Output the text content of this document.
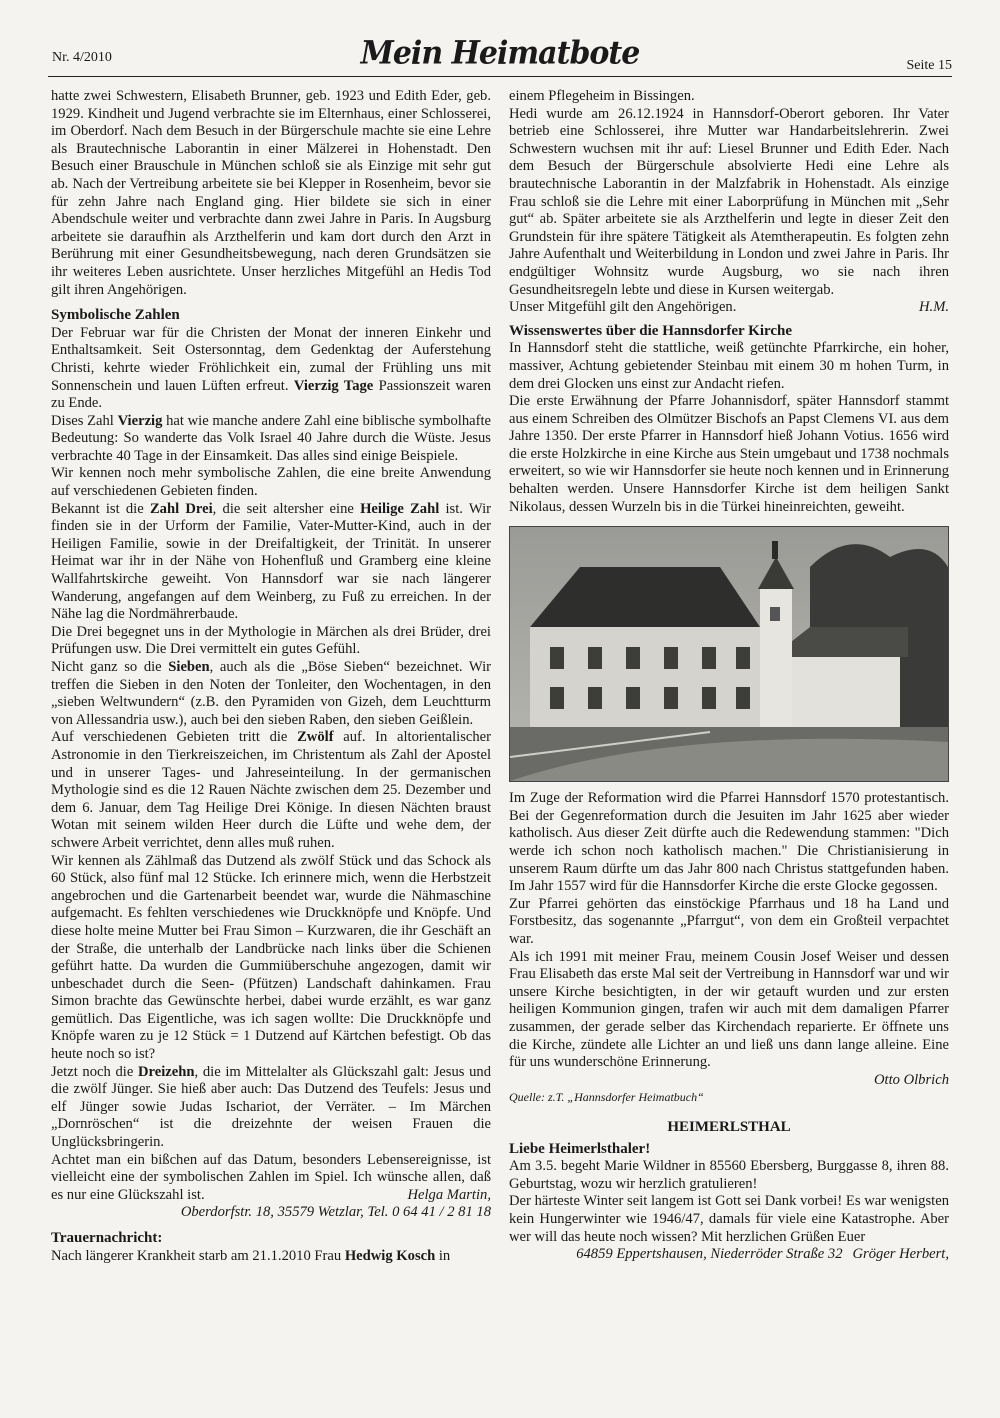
Nr. 4/2010	Mein Heimatbote	Seite 15

hatte zwei Schwestern, Elisabeth Brunner, geb. 1923 und Edith Eder, geb. 1929. Kindheit und Jugend verbrachte sie im Elternhaus, einer Schlosserei, im Oberdorf. Nach dem Besuch in der Bürgerschule machte sie eine Lehre als Brautechnische Laborantin in einer Mälzerei in Hohenstadt. Den Besuch einer Brauschule in München schloß sie als Einzige mit sehr gut ab. Nach der Vertreibung arbeitete sie bei Klepper in Rosenheim, bevor sie für zehn Jahre nach England ging. Hier bildete sie sich in einer Abendschule weiter und verbrachte dann zwei Jahre in Paris. In Augsburg arbeitete sie daraufhin als Arzthelferin und kam dort durch den Arzt in Berührung mit einer Gesundheitsbewegung, nach deren Grundsätzen sie ihr weiteres Leben ausrichtete. Unser herzliches Mitgefühl an Hedis Tod gilt ihren Angehörigen.

Symbolische Zahlen

Der Februar war für die Christen der Monat der inneren Einkehr und Enthaltsamkeit. Seit Ostersonntag, dem Gedenktag der Auferstehung Christi, kehrte wieder Fröhlichkeit ein, zumal der Frühling uns mit Sonnenschein und lauen Lüften erfreut. Vierzig Tage Passionszeit waren zu Ende.

Dises Zahl Vierzig hat wie manche andere Zahl eine biblische symbolhafte Bedeutung: So wanderte das Volk Israel 40 Jahre durch die Wüste. Jesus verbrachte 40 Tage in der Einsamkeit. Das alles sind einige Beispiele.

Wir kennen noch mehr symbolische Zahlen, die eine breite Anwendung auf verschiedenen Gebieten finden.

Bekannt ist die Zahl Drei, die seit altersher eine Heilige Zahl ist. Wir finden sie in der Urform der Familie, Vater-Mutter-Kind, auch in der Heiligen Familie, sowie in der Dreifaltigkeit, der Trinität. In unserer Heimat war ihr in der Nähe von Hohenfluß und Gramberg eine kleine Wallfahrtskirche geweiht. Von Hannsdorf war sie nach längerer Wanderung, angefangen auf dem Weinberg, zu Fuß zu erreichen. In der Nähe lag die Nordmährerbaude.

Die Drei begegnet uns in der Mythologie in Märchen als drei Brüder, drei Prüfungen usw. Die Drei vermittelt ein gutes Gefühl.

Nicht ganz so die Sieben, auch als die „Böse Sieben“ bezeichnet. Wir treffen die Sieben in den Noten der Tonleiter, den Wochentagen, in den „sieben Weltwundern“ (z.B. den Pyramiden von Gizeh, dem Leuchtturm von Allessandria usw.), auch bei den sieben Raben, den sieben Geißlein.

Auf verschiedenen Gebieten tritt die Zwölf auf. In altorientalischer Astronomie in den Tierkreiszeichen, im Christentum als Zahl der Apostel und in unserer Tages- und Jahreseinteilung. In der germanischen Mythologie sind es die 12 Rauen Nächte zwischen dem 25. Dezember und dem 6. Januar, dem Tag Heilige Drei Könige. In diesen Nächten braust Wotan mit seinem wilden Heer durch die Lüfte und wehe dem, der schwere Arbeit verrichtet, denn alles muß ruhen.

Wir kennen als Zählmaß das Dutzend als zwölf Stück und das Schock als 60 Stück, also fünf mal 12 Stücke. Ich erinnere mich, wenn die Herbstzeit angebrochen und die Gartenarbeit beendet war, wurde die Nähmaschine aufgemacht. Es fehlten verschiedenes wie Druckknöpfe und Knöpfe. Und diese holte meine Mutter bei Frau Simon – Kurzwaren, die ihr Geschäft an der Straße, die unterhalb der Landbrücke nach links über die Schienen geführt hatte. Da wurden die Gummiüberschuhe angezogen, damit wir unbeschadet durch die Seen- (Pfützen) Landschaft dahinkamen. Frau Simon brachte das Gewünschte herbei, dabei wurde erzählt, es war ganz gemütlich. Das Eigentliche, was ich sagen wollte: Die Druckknöpfe und Knöpfe waren zu je 12 Stück = 1 Dutzend auf Kärtchen befestigt. Ob das heute noch so ist?

Jetzt noch die Dreizehn, die im Mittelalter als Glückszahl galt: Jesus und die zwölf Jünger. Sie hieß aber auch: Das Dutzend des Teufels: Jesus und elf Jünger sowie Judas Ischariot, der Verräter. – Im Märchen „Dornröschen“ ist die dreizehnte der weisen Frauen die Unglücksbringerin.

Achtet man ein bißchen auf das Datum, besonders Lebensereignisse, ist vielleicht eine der symbolischen Zahlen im Spiel. Ich wünsche allen, daß es nur eine Glückszahl ist.	Helga Martin,

Oberdorfstr. 18, 35579 Wetzlar, Tel. 0 64 41 / 2 81 18

Trauernachricht:

Nach längerer Krankheit starb am 21.1.2010 Frau Hedwig Kosch in

einem Pflegeheim in Bissingen.

Hedi wurde am 26.12.1924 in Hannsdorf-Oberort geboren. Ihr Vater betrieb eine Schlosserei, ihre Mutter war Handarbeitslehrerin. Zwei Schwestern wuchsen mit ihr auf: Liesel Brunner und Edith Eder. Nach dem Besuch der Bürgerschule absolvierte Hedi eine Lehre als brautechnische Laborantin in der Malzfabrik in Hohenstadt. Als einzige Frau schloß sie die Lehre mit einer Laborprüfung in München mit „Sehr gut“ ab. Später arbeitete sie als Arzthelferin und legte in dieser Zeit den Grundstein für ihre spätere Tätigkeit als Atemtherapeutin. Es folgten zehn Jahre Aufenthalt und Weiterbildung in London und zwei Jahre in Paris. Ihr endgültiger Wohnsitz wurde Augsburg, wo sie nach ihren Gesundheitsregeln lebte und diese in Kursen weitergab.

Unser Mitgefühl gilt den Angehörigen.	H.M.

Wissenswertes über die Hannsdorfer Kirche

In Hannsdorf steht die stattliche, weiß getünchte Pfarrkirche, ein hoher, massiver, Achtung gebietender Steinbau mit einem 30 m hohen Turm, in dem drei Glocken uns einst zur Andacht riefen.

Die erste Erwähnung der Pfarre Johannisdorf, später Hannsdorf stammt aus einem Schreiben des Olmützer Bischofs an Papst Clemens VI. aus dem Jahre 1350. Der erste Pfarrer in Hannsdorf hieß Johann Votius. 1656 wird die erste Holzkirche in eine Kirche aus Stein umgebaut und 1738 nochmals erweitert, so wie wir Hannsdorfer sie heute noch kennen und in Erinnerung behalten werden. Unsere Hannsdorfer Kirche ist dem heiligen Sankt Nikolaus, dessen Wurzeln bis in die Türkei hineinreichten, geweiht.

Im Zuge der Reformation wird die Pfarrei Hannsdorf 1570 protestantisch. Bei der Gegenreformation durch die Jesuiten im Jahr 1625 aber wieder katholisch. Aus dieser Zeit dürfte auch die Redewendung stammen: "Dich werde ich schon noch katholisch machen." Die Christianisierung in unserem Raum dürfte um das Jahr 800 nach Christus stattgefunden haben. Im Jahr 1557 wird für die Hannsdorfer Kirche die erste Glocke gegossen.

Zur Pfarrei gehörten das einstöckige Pfarrhaus und 18 ha Land und Forstbesitz, das sogenannte „Pfarrgut“, von dem ein Großteil verpachtet war.

Als ich 1991 mit meiner Frau, meinem Cousin Josef Weiser und dessen Frau Elisabeth das erste Mal seit der Vertreibung in Hannsdorf war und wir unsere Kirche besichtigten, in der wir getauft wurden und zur ersten heiligen Kommunion gingen, trafen wir auch mit dem damaligen Pfarrer zusammen, der gerade selber das Kirchendach reparierte. Er öffnete uns die Kirche, zündete alle Lichter an und ließ uns dann lange alleine. Eine für uns wunderschöne Erinnerung.

Otto Olbrich

Quelle: z.T. „Hannsdorfer Heimatbuch“

HEIMERLSTHAL
Liebe Heimerlsthaler!

Am 3.5. begeht Marie Wildner in 85560 Ebersberg, Burggasse 8, ihren 88. Geburtstag, wozu wir herzlich gratulieren!

Der härteste Winter seit langem ist Gott sei Dank vorbei! Es war wenigsten kein Hungerwinter wie 1946/47, damals für viele eine Katastrophe. Aber wer will das heute noch wissen? Mit herzlichen Grüßen Euer
Gröger Herbert,

64859 Eppertshausen, Niederröder Straße 32
